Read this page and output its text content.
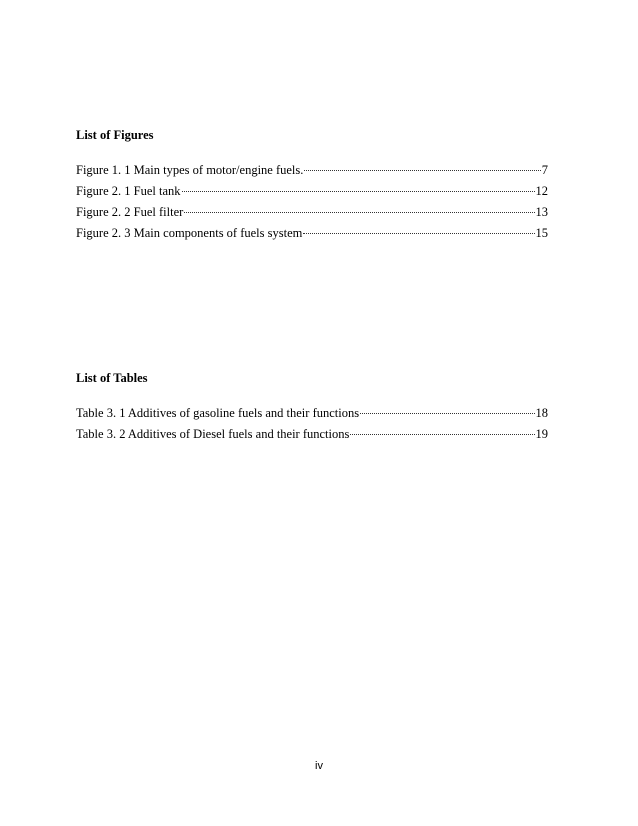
List of Figures
Figure 1. 1 Main types of motor/engine fuels.	7
Figure 2. 1 Fuel tank	12
Figure 2. 2 Fuel filter	13
Figure 2. 3 Main components of fuels system	15
List of Tables
Table 3. 1 Additives of gasoline fuels and their functions	18
Table 3. 2 Additives of Diesel fuels and their functions	19
iv
